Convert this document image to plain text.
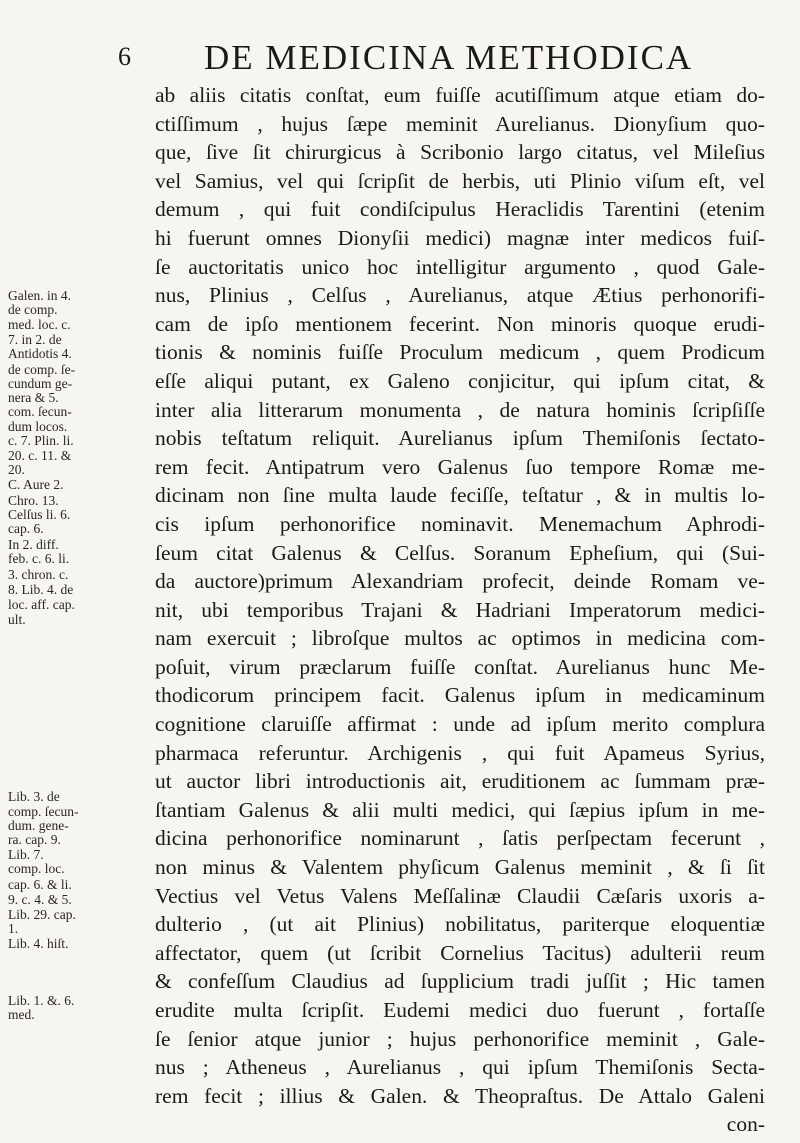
6 DE MEDICINA METHODICA
ab aliis citatis conſtat, eum fuiſſe acutiſſimum atque etiam do-
ctiſſimum , hujus ſæpe meminit Aurelianus. Dionyſium quo-
que, ſive ſit chirurgicus à Scribonio largo citatus, vel Mileſius
vel Samius, vel qui ſcripſit de herbis, uti Plinio viſum eſt, vel
demum , qui fuit condiſcipulus Heraclidis Tarentini (etenim
hi fuerunt omnes Dionyſii medici) magnæ inter medicos fuiſ-
ſe auctoritatis unico hoc intelligitur argumento , quod Gale-
nus, Plinius , Celſus , Aurelianus, atque Ætius perhonorifi-
cam de ipſo mentionem fecerint. Non minoris quoque erudi-
tionis & nominis fuiſſe Proculum medicum , quem Prodicum
eſſe aliqui putant, ex Galeno conjicitur, qui ipſum citat, &
inter alia litterarum monumenta , de natura hominis ſcripſiſſe
nobis teſtatum reliquit. Aurelianus ipſum Themiſonis ſectato-
rem fecit. Antipatrum vero Galenus ſuo tempore Romæ me-
dicinam non ſine multa laude feciſſe, teſtatur , & in multis lo-
cis ipſum perhonorifice nominavit. Menemachum Aphrodi-
ſeum citat Galenus & Celſus. Soranum Epheſium, qui (Sui-
da auctore)primum Alexandriam profecit, deinde Romam ve-
nit, ubi temporibus Trajani & Hadriani Imperatorum medici-
nam exercuit ; libroſque multos ac optimos in medicina com-
poſuit, virum præclarum fuiſſe conſtat. Aurelianus hunc Me-
thodicorum principem facit. Galenus ipſum in medicaminum
cognitione claruiſſe affirmat : unde ad ipſum merito complura
pharmaca referuntur. Archigenis , qui fuit Apameus Syrius,
ut auctor libri introductionis ait, eruditionem ac ſummam præ-
ſtantiam Galenus & alii multi medici, qui ſæpius ipſum in me-
dicina perhonorifice nominarunt , ſatis perſpectam fecerunt ,
non minus & Valentem phyſicum Galenus meminit , & ſi ſit
Vectius vel Vetus Valens Meſſalinæ Claudii Cæſaris uxoris a-
dulterio , (ut ait Plinius) nobilitatus, pariterque eloquentiæ
affectator, quem (ut ſcribit Cornelius Tacitus) adulterii reum
& confeſſum Claudius ad ſupplicium tradi juſſit ; Hic tamen
erudite multa ſcripſit. Eudemi medici duo fuerunt , fortaſſe
ſe ſenior atque junior ; hujus perhonorifice meminit , Gale-
nus ; Atheneus , Aurelianus , qui ipſum Themiſonis Secta-
rem fecit ; illius & Galen. & Theopraſtus. De Attalo Galeni
con-
Galen. in 4.
de comp.
med. loc. c.
7. in 2. de
Antidotis 4.
de comp. ſe-
cundum ge-
nera & 5.
com. ſecun-
dum locos.
c. 7. Plin. li.
20. c. 11. &
20.
C. Aure 2.
Chro. 13.
Celſus li. 6.
cap. 6.
In 2. diff.
feb. c. 6. li.
3. chron. c.
8. Lib. 4. de
loc. aff. cap.
ult.
Lib. 3. de
comp. ſecun-
dum. gene-
ra. cap. 9.
Lib. 7.
comp. loc.
cap. 6. & li.
9. c. 4. & 5.
Lib. 29. cap.
1.
Lib. 4. hiſt.
Lib. 1. &. 6.
med.
